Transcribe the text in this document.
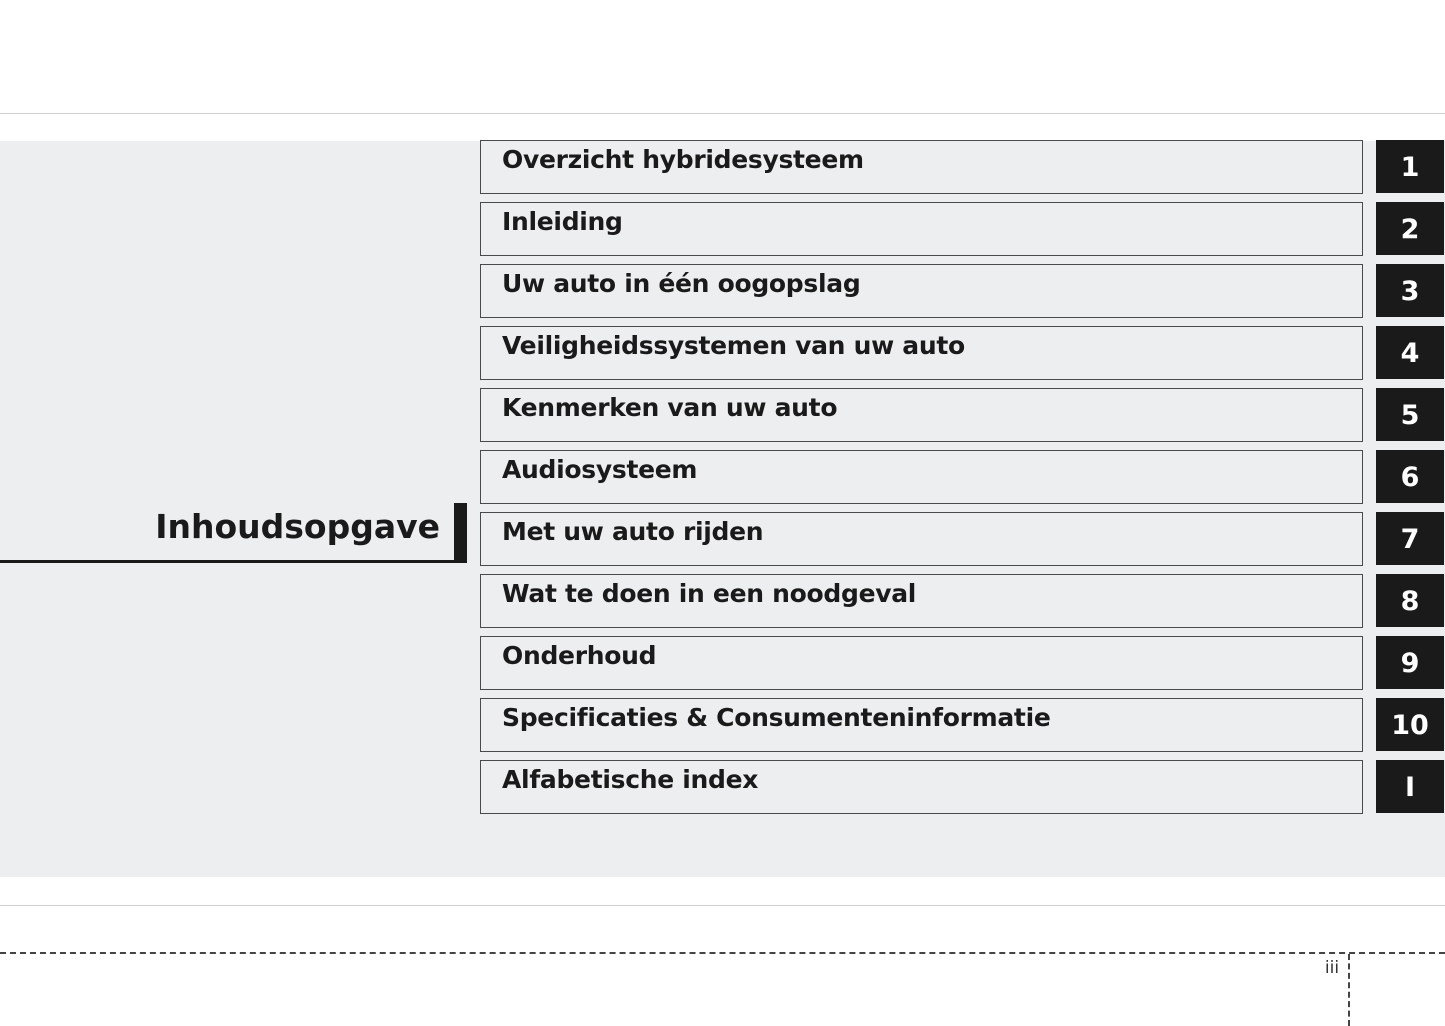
Inhoudsopgave
Overzicht hybridesysteem	1
Inleiding	2
Uw auto in één oogopslag	3
Veiligheidssystemen van uw auto	4
Kenmerken van uw auto	5
Audiosysteem	6
Met uw auto rijden	7
Wat te doen in een noodgeval	8
Onderhoud	9
Specificaties & Consumenteninformatie	10
Alfabetische index	I
iii
